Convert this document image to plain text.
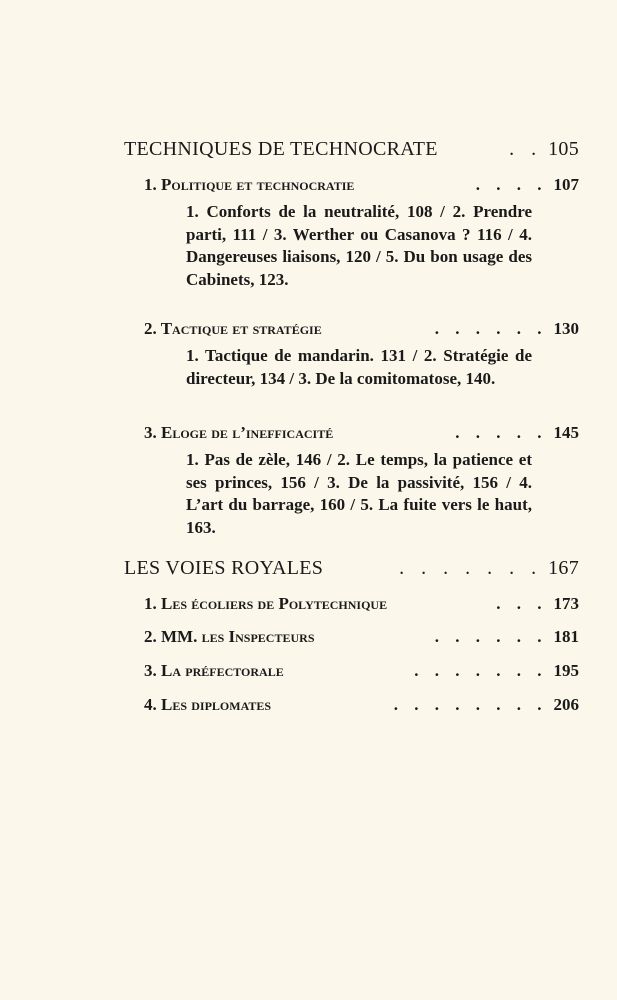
TECHNIQUES DE TECHNOCRATE	. . 105
1. Politique et technocratie	. . . . 107
1. Conforts de la neutralité, 108 / 2. Prendre parti, 111 / 3. Werther ou Casanova ? 116 / 4. Dangereuses liaisons, 120 / 5. Du bon usage des Cabinets, 123.
2. Tactique et stratégie	. . . . . . 130
1. Tactique de mandarin. 131 / 2. Stratégie de directeur, 134 / 3. De la comitomatose, 140.
3. Eloge de l’inefficacité	. . . . . 145
1. Pas de zèle, 146 / 2. Le temps, la patience et ses princes, 156 / 3. De la passivité, 156 / 4. L’art du barrage, 160 / 5. La fuite vers le haut, 163.
LES VOIES ROYALES	. . . . . . . 167
1. Les écoliers de Polytechnique	. . . 173
2. MM. les Inspecteurs	. . . . . . 181
3. La préfectorale	. . . . . . . 195
4. Les diplomates	. . . . . . . . 206
